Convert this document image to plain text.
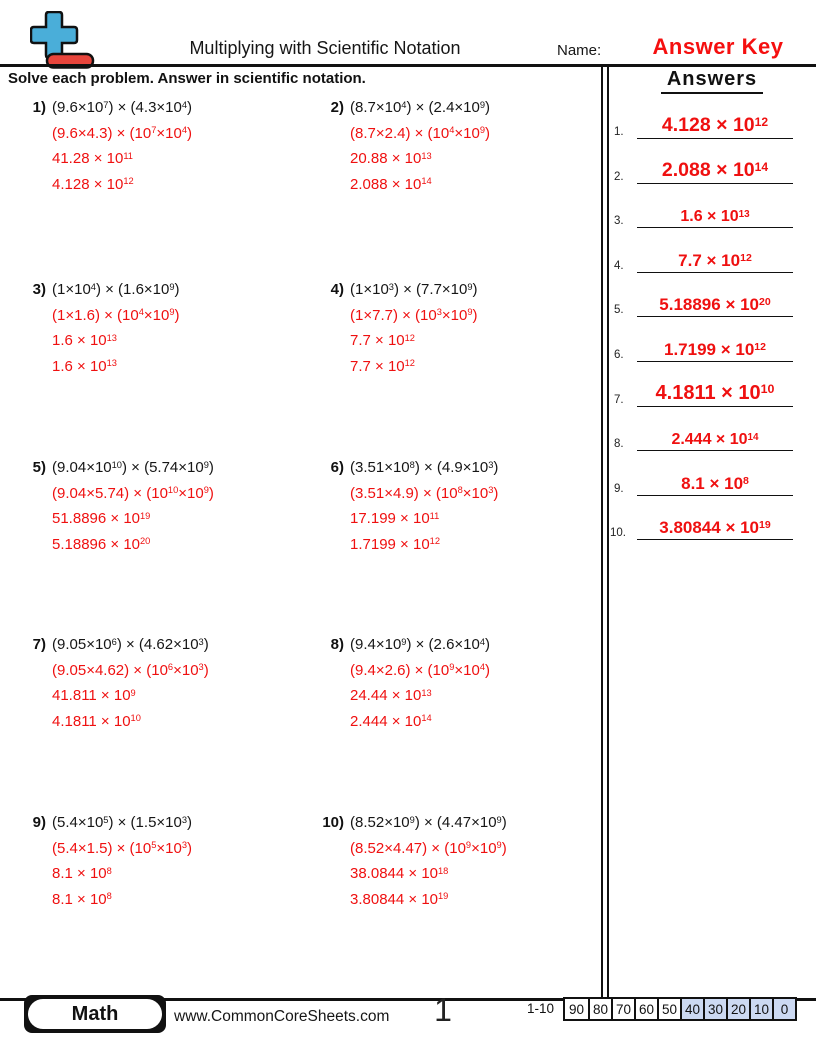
Multiplying with Scientific Notation	Name:	Answer Key
Solve each problem. Answer in scientific notation.	Answers
1. $4.128 \times 10^{12}$
2. $2.088 \times 10^{14}$
3.	$1.6 \times 10^{13}$
4.	$7.7 \times 10^{12}$
5. $5.18896 \times 10^{20}$
6. $1.7199 \times 10^{12}$
7. $4.1811 \times 10^{10}$
8.	$2.444 \times 10^{14}$
9.	$8.1 \times 10^8$
10. $3.80844 \times 10^{19}$
1) $(9.6\times 10^7) \times (4.3\times 10^4)$
$(9.6\times 4.3) \times (10^7\times 10^4)$
$41.28 \times 10^{11}$
$4.128 \times 10^{12}$
2) $(8.7\times 10^4) \times (2.4\times 10^9)$
$(8.7\times 2.4) \times (10^4\times 10^9)$
$20.88 \times 10^{13}$
$2.088 \times 10^{14}$
3) $(1\times 10^4) \times (1.6\times 10^9)$
$(1\times 1.6) \times (10^4\times 10^9)$
$1.6 \times 10^{13}$
$1.6 \times 10^{13}$
4) $(1\times 10^3) \times (7.7\times 10^9)$
$(1\times 7.7) \times (10^3\times 10^9)$
$7.7 \times 10^{12}$
$7.7 \times 10^{12}$
5) $(9.04\times 10^{10}) \times (5.74\times 10^9)$
$(9.04\times 5.74) \times (10^{10}\times 10^9)$
$51.8896 \times 10^{19}$
$5.18896 \times 10^{20}$
6) $(3.51\times 10^8) \times (4.9\times 10^3)$
$(3.51\times 4.9) \times (10^8\times 10^3)$
$17.199 \times 10^{11}$
$1.7199 \times 10^{12}$
7) $(9.05\times 10^6) \times (4.62\times 10^3)$
$(9.05\times 4.62) \times (10^6\times 10^3)$
$41.811 \times 10^9$
$4.1811 \times 10^{10}$
8) $(9.4\times 10^9) \times (2.6\times 10^4)$
$(9.4\times 2.6) \times (10^9\times 10^4)$
$24.44 \times 10^{13}$
$2.444 \times 10^{14}$
9) $(5.4\times 10^5) \times (1.5\times 10^3)$
$(5.4\times 1.5) \times (10^5\times 10^3)$
$8.1 \times 10^8$
$8.1 \times 10^8$
10) $(8.52\times 10^9) \times (4.47\times 10^9)$
$(8.52\times 4.47) \times (10^9\times 10^9)$
$38.0844 \times 10^{18}$
$3.80844 \times 10^{19}$
Math	www.CommonCoreSheets.com	1	1-10 90 80 70 60 50 40 30 20 10 0
